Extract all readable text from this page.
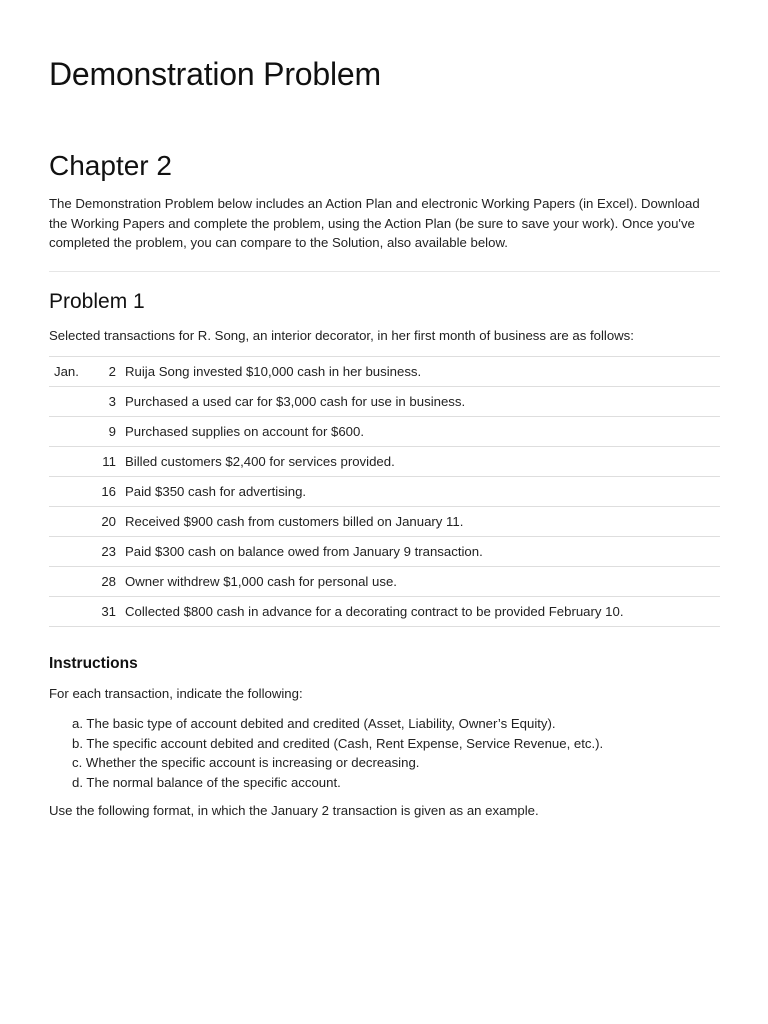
Demonstration Problem
Chapter 2

The Demonstration Problem below includes an Action Plan and electronic Working Papers (in Excel). Download the Working Papers and complete the problem, using the Action Plan (be sure to save your work). Once you've completed the problem, you can compare to the Solution, also available below.

Problem 1

Selected transactions for R. Song, an interior decorator, in her first month of business are as follows:

Jan.	2	Ruija Song invested $10,000 cash in her business.
	3	Purchased a used car for $3,000 cash for use in business.
	9	Purchased supplies on account for $600.
	11	Billed customers $2,400 for services provided.
	16	Paid $350 cash for advertising.
	20	Received $900 cash from customers billed on January 11.
	23	Paid $300 cash on balance owed from January 9 transaction.
	28	Owner withdrew $1,000 cash for personal use.
	31	Collected $800 cash in advance for a decorating contract to be provided February 10.
Instructions

For each transaction, indicate the following:

a. The basic type of account debited and credited (Asset, Liability, Owner’s Equity).
b. The specific account debited and credited (Cash, Rent Expense, Service Revenue, etc.).
c. Whether the specific account is increasing or decreasing.
d. The normal balance of the specific account.

Use the following format, in which the January 2 transaction is given as an example.
